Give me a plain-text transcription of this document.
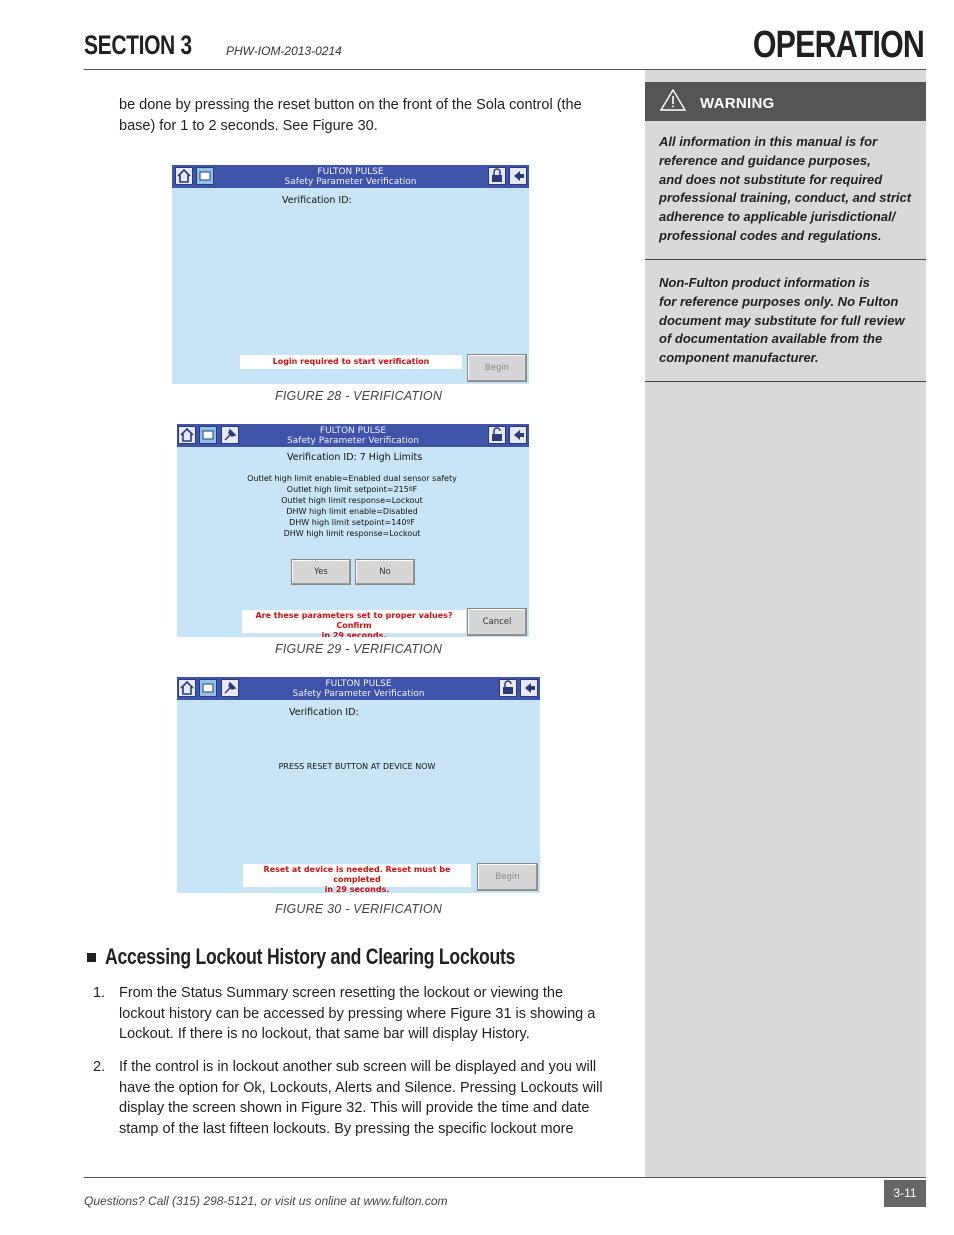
SECTION 3	PHW-IOM-2013-0214	OPERATION
WARNING
All information in this manual is for
reference and guidance purposes,
and does not substitute for required
professional training, conduct, and strict
adherence to applicable jurisdictional/
professional codes and regulations.
Non-Fulton product information is
for reference purposes only. No Fulton
document may substitute for full review
of documentation available from the
component manufacturer.
be done by pressing the reset button on the front of the Sola control (the
base) for 1 to 2 seconds. See Figure 30.
FULTON PULSE
Safety Parameter Verification
Verification ID:
Login required to start verification
Begin
FIGURE 28 - VERIFICATION
FULTON PULSE
Safety Parameter Verification
Verification ID: 7 High Limits
Outlet high limit enable=Enabled dual sensor safety
Outlet high limit setpoint=215ºF
Outlet high limit response=Lockout
DHW high limit enable=Disabled
DHW high limit setpoint=140ºF
DHW high limit response=Lockout
Yes	No
Are these parameters set to proper values? Confirm
in 29 seconds.
Cancel
FIGURE 29 - VERIFICATION
FULTON PULSE
Safety Parameter Verification
Verification ID:
PRESS RESET BUTTON AT DEVICE NOW
Reset at device is needed. Reset must be completed
in 29 seconds.
Begin
FIGURE 30 - VERIFICATION
Accessing Lockout History and Clearing Lockouts
1. From the Status Summary screen resetting the lockout or viewing the
lockout history can be accessed by pressing where Figure 31 is showing a
Lockout. If there is no lockout, that same bar will display History.
2. If the control is in lockout another sub screen will be displayed and you will
have the option for Ok, Lockouts, Alerts and Silence. Pressing Lockouts will
display the screen shown in Figure 32. This will provide the time and date
stamp of the last fifteen lockouts. By pressing the specific lockout more
Questions? Call (315) 298-5121, or visit us online at www.fulton.com
3-11
